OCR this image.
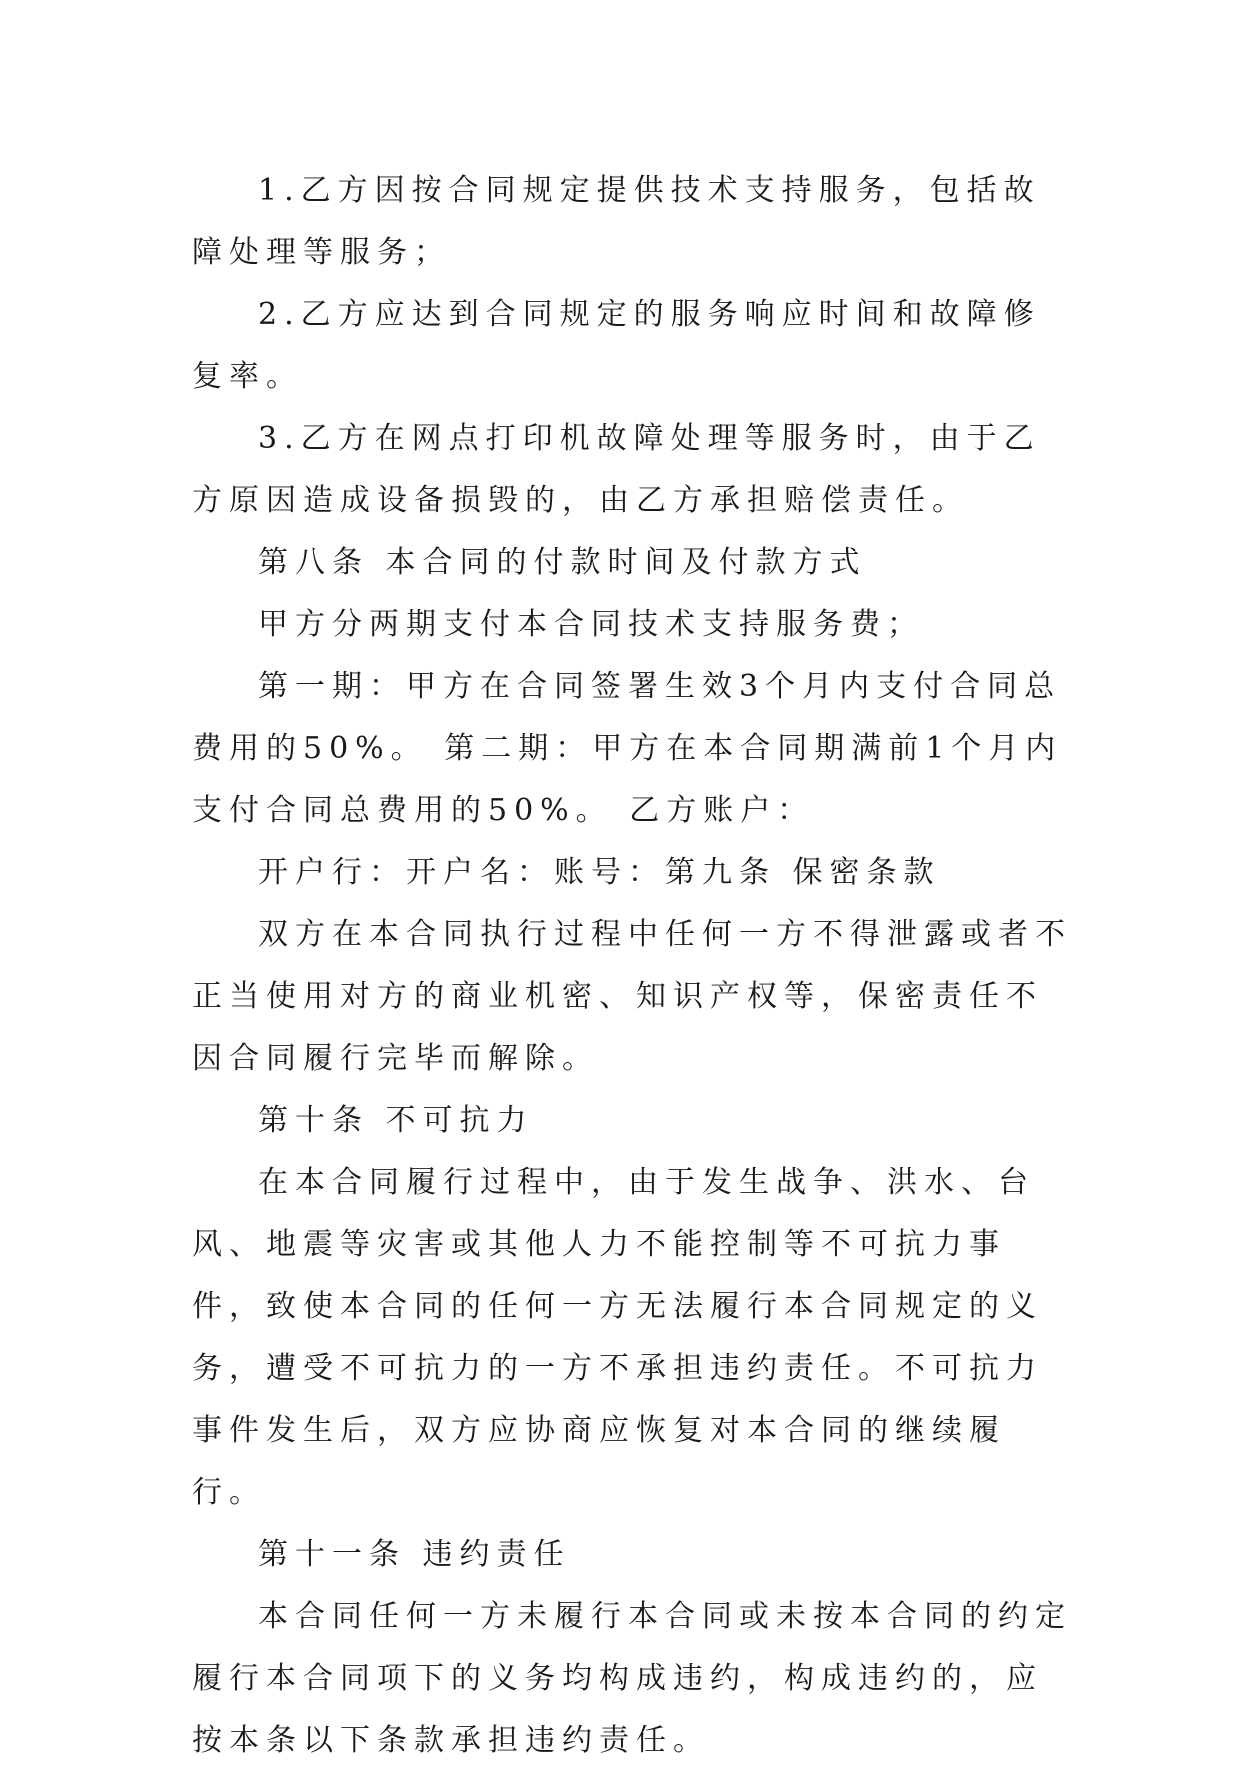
1.乙方因按合同规定提供技术支持服务，包括故障处理等服务；

2.乙方应达到合同规定的服务响应时间和故障修复率。

3.乙方在网点打印机故障处理等服务时，由于乙方原因造成设备损毁的，由乙方承担赔偿责任。

第八条 本合同的付款时间及付款方式

甲方分两期支付本合同技术支持服务费；

第一期：甲方在合同签署生效3个月内支付合同总费用的50%。 第二期：甲方在本合同期满前1个月内支付合同总费用的50%。 乙方账户：

开户行：开户名：账号：第九条 保密条款

双方在本合同执行过程中任何一方不得泄露或者不正当使用对方的商业机密、知识产权等，保密责任不因合同履行完毕而解除。

第十条 不可抗力

在本合同履行过程中，由于发生战争、洪水、台风、地震等灾害或其他人力不能控制等不可抗力事件，致使本合同的任何一方无法履行本合同规定的义务，遭受不可抗力的一方不承担违约责任。不可抗力事件发生后，双方应协商应恢复对本合同的继续履行。

第十一条 违约责任

本合同任何一方未履行本合同或未按本合同的约定履行本合同项下的义务均构成违约，构成违约的，应按本条以下条款承担违约责任。
